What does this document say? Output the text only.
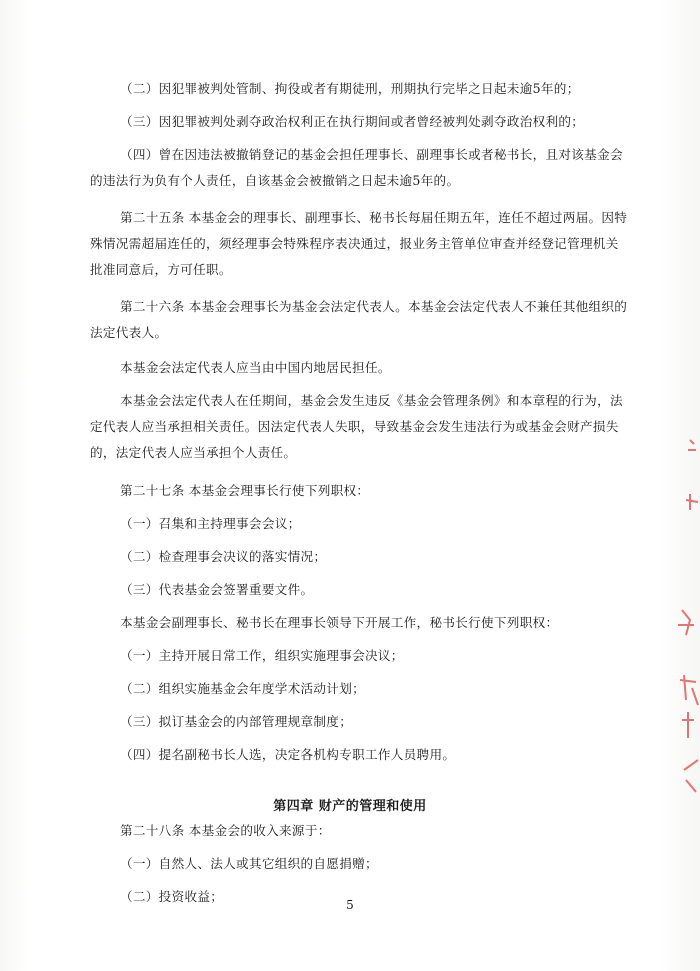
（二）因犯罪被判处管制、拘役或者有期徒刑，刑期执行完毕之日起未逾5年的；

（三）因犯罪被判处剥夺政治权利正在执行期间或者曾经被判处剥夺政治权利的；

（四）曾在因违法被撤销登记的基金会担任理事长、副理事长或者秘书长，且对该基金会的违法行为负有个人责任，自该基金会被撤销之日起未逾5年的。

第二十五条 本基金会的理事长、副理事长、秘书长每届任期五年，连任不超过两届。因特殊情况需超届连任的，须经理事会特殊程序表决通过，报业务主管单位审查并经登记管理机关批准同意后，方可任职。

第二十六条 本基金会理事长为基金会法定代表人。本基金会法定代表人不兼任其他组织的法定代表人。

本基金会法定代表人应当由中国内地居民担任。

本基金会法定代表人在任期间，基金会发生违反《基金会管理条例》和本章程的行为，法定代表人应当承担相关责任。因法定代表人失职，导致基金会发生违法行为或基金会财产损失的，法定代表人应当承担个人责任。

第二十七条 本基金会理事长行使下列职权：

（一）召集和主持理事会会议；

（二）检查理事会决议的落实情况；

（三）代表基金会签署重要文件。

本基金会副理事长、秘书长在理事长领导下开展工作，秘书长行使下列职权：

（一）主持开展日常工作，组织实施理事会决议；

（二）组织实施基金会年度学术活动计划；

（三）拟订基金会的内部管理规章制度；

（四）提名副秘书长人选，决定各机构专职工作人员聘用。

第四章 财产的管理和使用

第二十八条 本基金会的收入来源于：

（一）自然人、法人或其它组织的自愿捐赠；

（二）投资收益；

5
